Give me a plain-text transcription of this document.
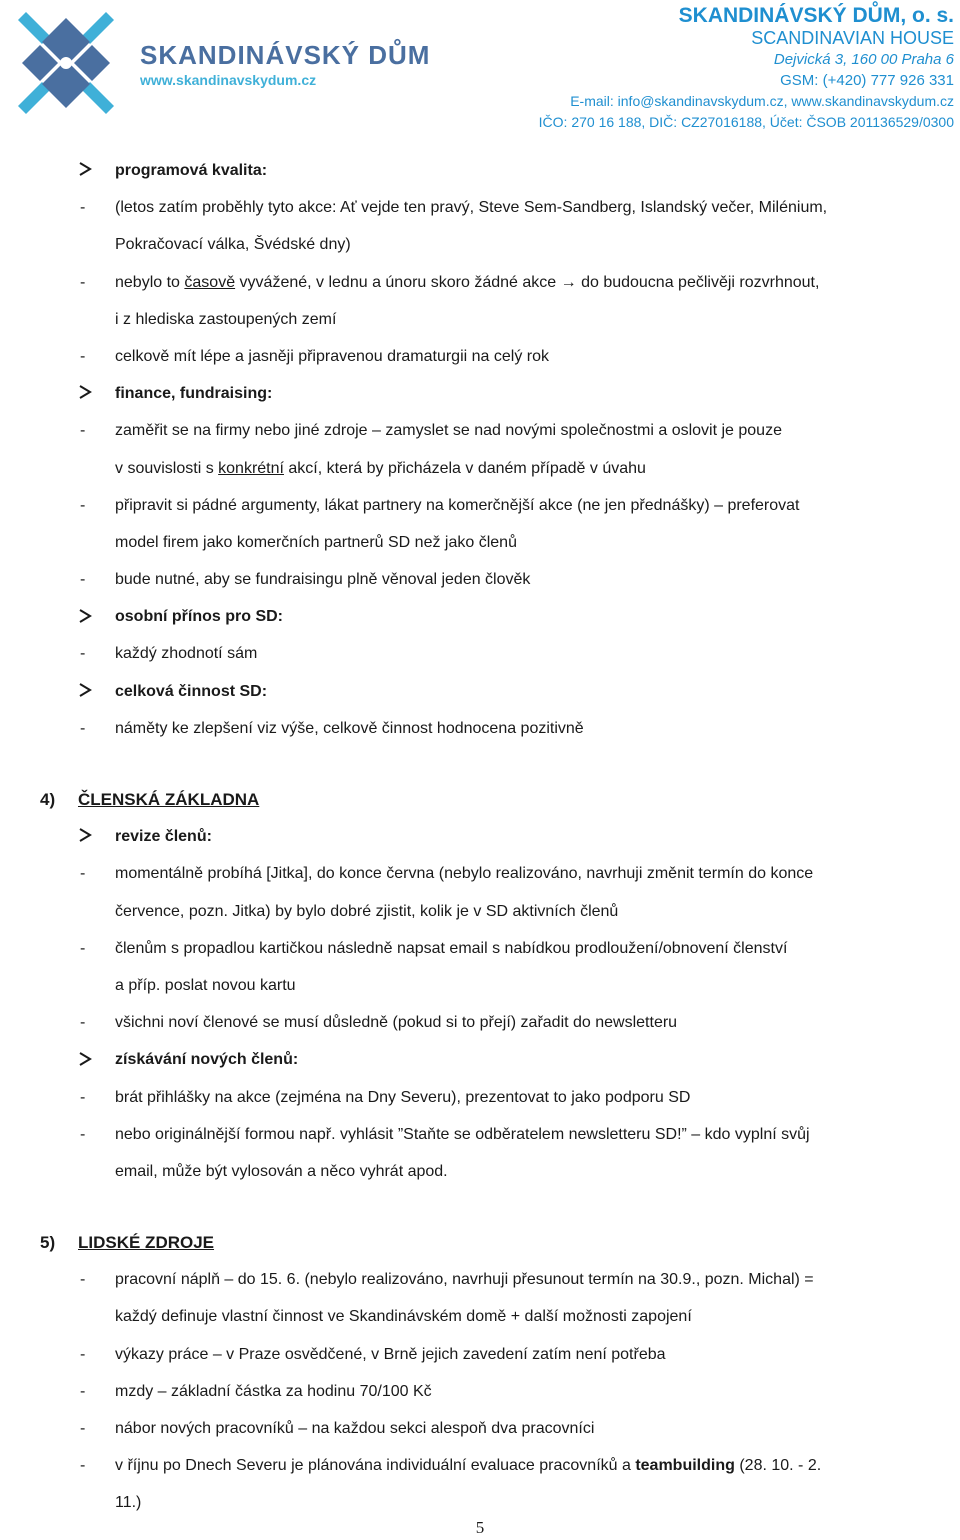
SKANDINÁVSKÝ DŮM
www.skandinavskydum.cz
SKANDINÁVSKÝ DŮM, o. s.
SCANDINAVIAN HOUSE
Dejvická 3, 160 00 Praha 6
GSM: (+420) 777 926 331
E-mail: info@skandinavskydum.cz, www.skandinavskydum.cz
IČO: 270 16 188, DIČ: CZ27016188, Účet: ČSOB 201136529/0300
programová kvalita:
- (letos zatím proběhly tyto akce: Ať vejde ten pravý, Steve Sem-Sandberg, Islandský večer, Milénium,
Pokračovací válka, Švédské dny)
- nebylo to časově vyvážené, v lednu a únoru skoro žádné akce → do budoucna pečlivěji rozvrhnout,
i z hlediska zastoupených zemí
- celkově mít lépe a jasněji připravenou dramaturgii na celý rok
finance, fundraising:
- zaměřit se na firmy nebo jiné zdroje – zamyslet se nad novými společnostmi a oslovit je pouze
v souvislosti s konkrétní akcí, která by přicházela v daném případě v úvahu
- připravit si pádné argumenty, lákat partnery na komerčnější akce (ne jen přednášky) – preferovat
model firem jako komerčních partnerů SD než jako členů
- bude nutné, aby se fundraisingu plně věnoval jeden člověk
osobní přínos pro SD:
- každý zhodnotí sám
celková činnost SD:
- náměty ke zlepšení viz výše, celkově činnost hodnocena pozitivně
4) ČLENSKÁ ZÁKLADNA
revize členů:
- momentálně probíhá [Jitka], do konce června (nebylo realizováno, navrhuji změnit termín do konce
července, pozn. Jitka) by bylo dobré zjistit, kolik je v SD aktivních členů
- členům s propadlou kartičkou následně napsat email s nabídkou prodloužení/obnovení členství
a příp. poslat novou kartu
- všichni noví členové se musí důsledně (pokud si to přejí) zařadit do newsletteru
získávání nových členů:
- brát přihlášky na akce (zejména na Dny Severu), prezentovat to jako podporu SD
- nebo originálnější formou např. vyhlásit ”Staňte se odběratelem newsletteru SD!” – kdo vyplní svůj
email, může být vylosován a něco vyhrát apod.
5) LIDSKÉ ZDROJE
- pracovní náplň – do 15. 6. (nebylo realizováno, navrhuji přesunout termín na 30.9., pozn. Michal) =
každý definuje vlastní činnost ve Skandinávském domě + další možnosti zapojení
- výkazy práce – v Praze osvědčené, v Brně jejich zavedení zatím není potřeba
- mzdy – základní částka za hodinu 70/100 Kč
- nábor nových pracovníků – na každou sekci alespoň dva pracovníci
- v říjnu po Dnech Severu je plánována individuální evaluace pracovníků a teambuilding (28. 10. - 2.
11.)
5
